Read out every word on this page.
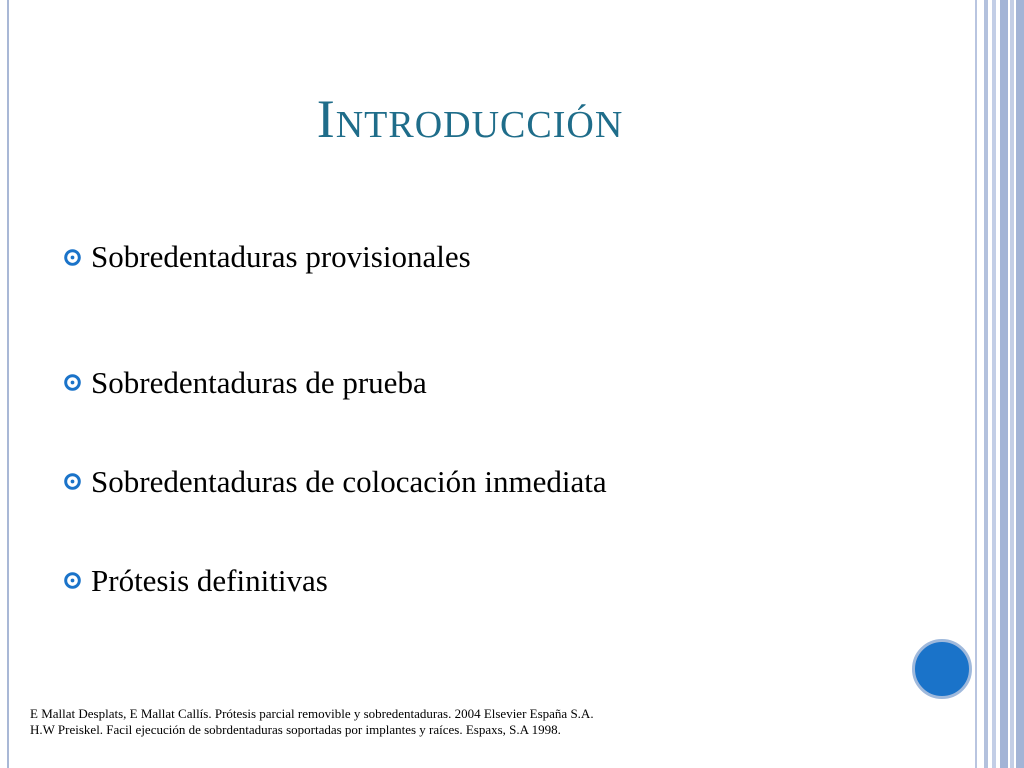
Introducción
Sobredentaduras provisionales
Sobredentaduras de prueba
Sobredentaduras de colocación inmediata
Prótesis definitivas
E Mallat Desplats, E Mallat Callís. Prótesis parcial removible y sobredentaduras. 2004 Elsevier España S.A.
H.W Preiskel. Facil ejecución de sobrdentaduras soportadas por implantes y raíces. Espaxs, S.A 1998.
